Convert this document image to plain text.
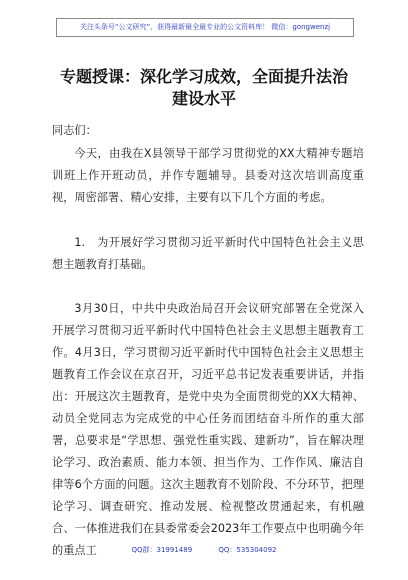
关注头条号“公文研究”，获得最新最全最专业的公文资料库！ 微信：gongwenzj
专题授课：深化学习成效，全面提升法治
建设水平

同志们：

今天，由我在X县领导干部学习贯彻党的XX大精神专题培训班上作开班动员，并作专题辅导。县委对这次培训高度重视，周密部署、精心安排，主要有以下几个方面的考虑。

1.　为开展好学习贯彻习近平新时代中国特色社会主义思想主题教育打基础。

3月30日，中共中央政治局召开会议研究部署在全党深入开展学习贯彻习近平新时代中国特色社会主义思想主题教育工作。4月3日，学习贯彻习近平新时代中国特色社会主义思想主题教育工作会议在京召开，习近平总书记发表重要讲话，并指出：开展这次主题教育，是党中央为全面贯彻党的XX大精神、动员全党同志为完成党的中心任务而团结奋斗所作的重大部署，总要求是“学思想、强党性重实践、建新功”，旨在解决理论学习、政治素质、能力本领、担当作为、工作作风、廉洁自律等6个方面的问题。这次主题教育不划阶段、不分环节，把理论学习、调查研究、推动发展、检视整改贯通起来，有机融合、一体推进我们在县委常委会2023年工作要点中也明确今年的重点工	QQ群：31991489	QQ：535304092
